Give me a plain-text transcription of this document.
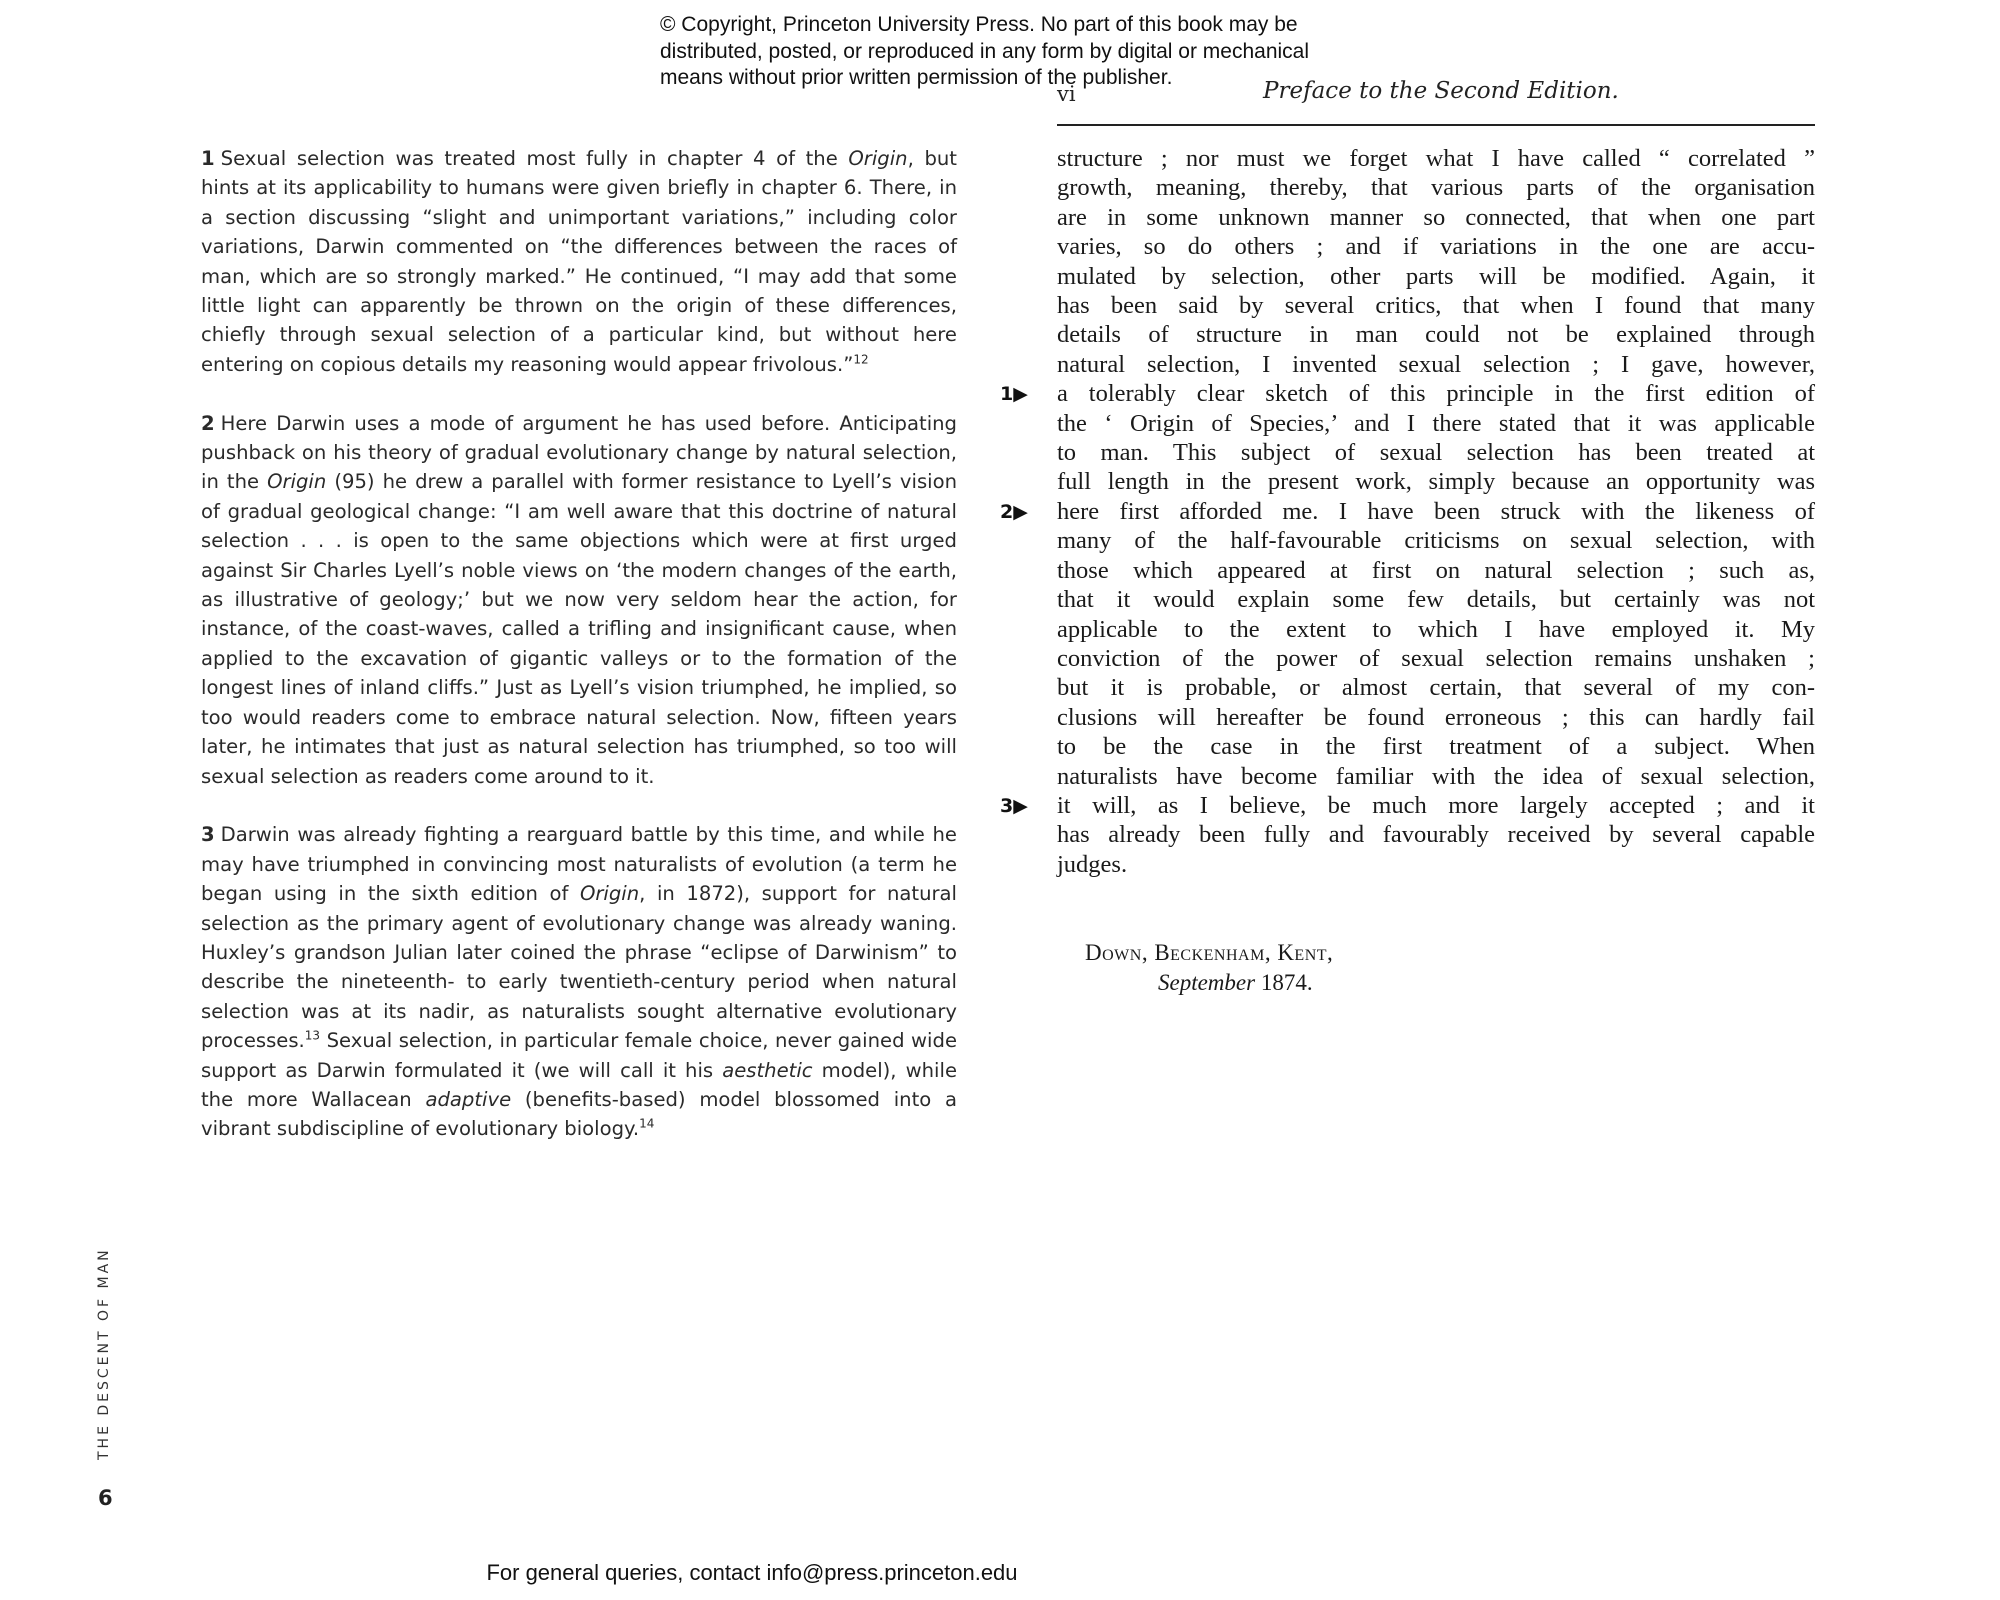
© Copyright, Princeton University Press. No part of this book may be
distributed, posted, or reproduced in any form by digital or mechanical
means without prior written permission of the publisher.
vi	Preface to the Second Edition.

1 Sexual selection was treated most fully in chapter 4 of the Origin, but hints at its applicability to humans were given briefly in chapter 6. There, in a section discussing “slight and unimportant variations,” including color variations, Darwin commented on “the differences between the races of man, which are so strongly marked.” He continued, “I may add that some little light can apparently be thrown on the origin of these differences, chiefly through sexual selection of a particular kind, but without here entering on copious details my reasoning would appear frivolous.”$^{12}$

2 Here Darwin uses a mode of argument he has used before. Anticipating pushback on his theory of gradual evolutionary change by natural selection, in the Origin (95) he drew a parallel with former resistance to Lyell’s vision of gradual geological change: “I am well aware that this doctrine of natural selection . . . is open to the same objections which were at first urged against Sir Charles Lyell’s noble views on ‘the modern changes of the earth, as illustrative of geology;’ but we now very seldom hear the action, for instance, of the coast-waves, called a trifling and insignificant cause, when applied to the excavation of gigantic valleys or to the formation of the longest lines of inland cliffs.” Just as Lyell’s vision triumphed, he implied, so too would readers come to embrace natural selection. Now, fifteen years later, he intimates that just as natural selection has triumphed, so too will sexual selection as readers come around to it.

3 Darwin was already fighting a rearguard battle by this time, and while he may have triumphed in convincing most naturalists of evolution (a term he began using in the sixth edition of Origin, in 1872), support for natural selection as the primary agent of evolutionary change was already waning. Huxley’s grandson Julian later coined the phrase “eclipse of Darwinism” to describe the nineteenth- to early twentieth-century period when natural selection was at its nadir, as naturalists sought alternative evolutionary processes.$^{13}$ Sexual selection, in particular female choice, never gained wide support as Darwin formulated it (we will call it his aesthetic model), while the more Wallacean adaptive (benefits-based) model blossomed into a vibrant subdiscipline of evolutionary biology.$^{14}$

structure ; nor must we forget what I have called “ correlated ”
growth, meaning, thereby, that various parts of the organisation
are in some unknown manner so connected, that when one part
varies, so do others ; and if variations in the one are accu-
mulated by selection, other parts will be modified. Again, it
has been said by several critics, that when I found that many
details of structure in man could not be explained through
natural selection, I invented sexual selection ; I gave, however,
a tolerably clear sketch of this principle in the first edition of
the ‘ Origin of Species,’ and I there stated that it was applicable
to man. This subject of sexual selection has been treated at
full length in the present work, simply because an opportunity was
here first afforded me. I have been struck with the likeness of
many of the half-favourable criticisms on sexual selection, with
those which appeared at first on natural selection ; such as,
that it would explain some few details, but certainly was not
applicable to the extent to which I have employed it. My
conviction of the power of sexual selection remains unshaken ;
but it is probable, or almost certain, that several of my con-
clusions will hereafter be found erroneous ; this can hardly fail
to be the case in the first treatment of a subject. When
naturalists have become familiar with the idea of sexual selection,
it will, as I believe, be much more largely accepted ; and it
has already been fully and favourably received by several capable
judges.

1▶
2▶
3▶
Down, Beckenham, Kent,
September 1874.
THE DESCENT OF MAN
6
For general queries, contact info@press.princeton.edu
